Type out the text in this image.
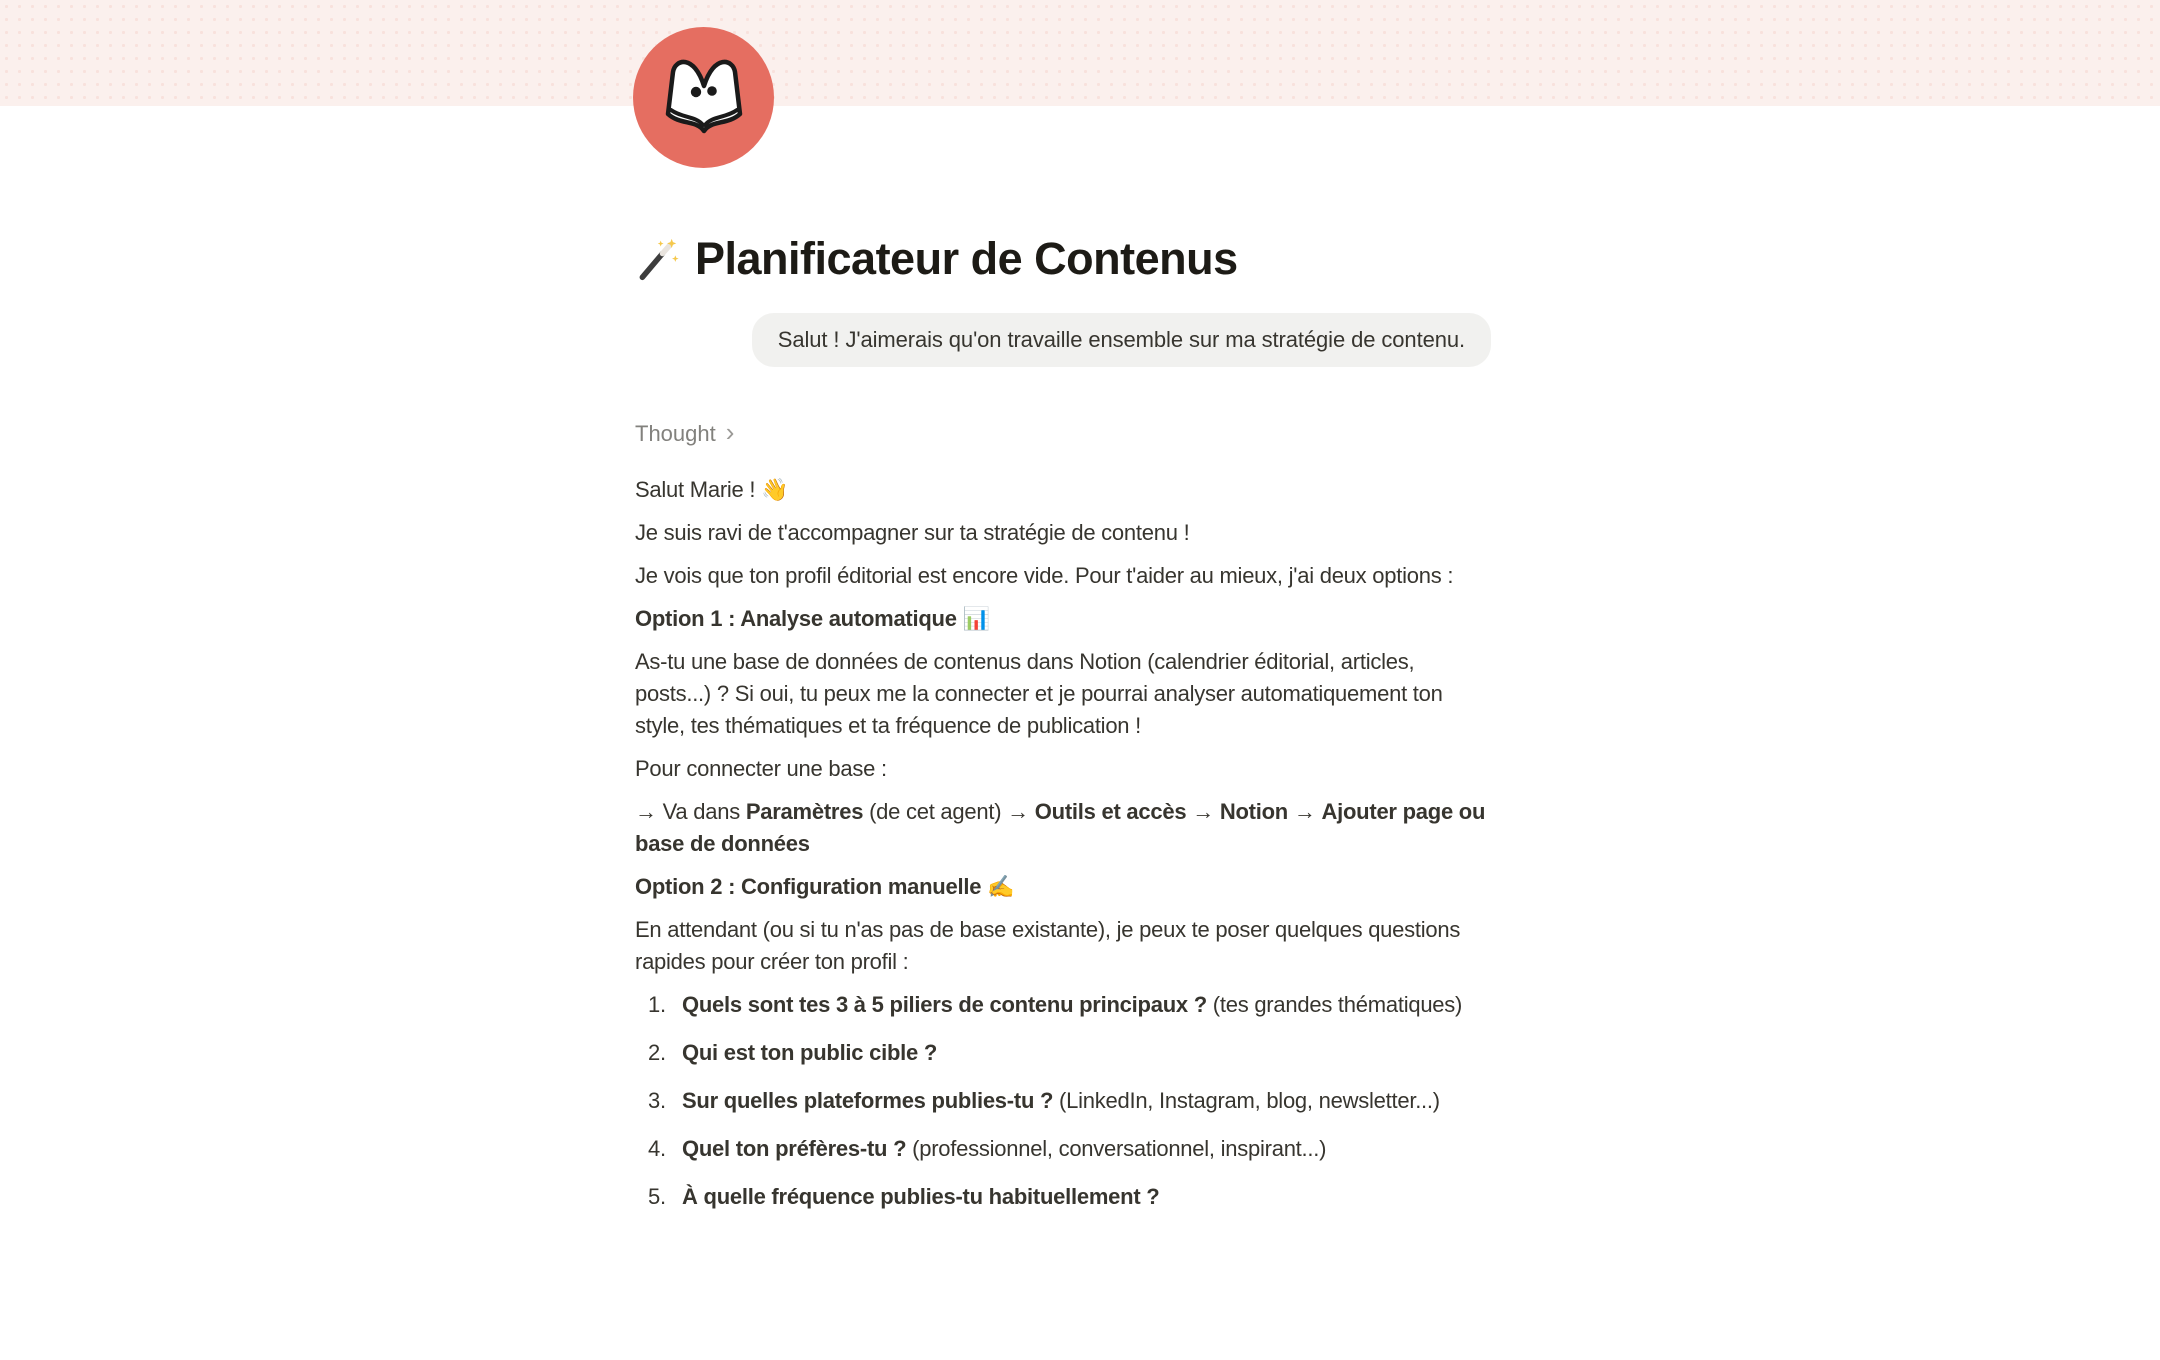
Planificateur de Contenus
Salut ! J'aimerais qu'on travaille ensemble sur ma stratégie de contenu.
Thought ›
Salut Marie ! 👋
Je suis ravi de t'accompagner sur ta stratégie de contenu !
Je vois que ton profil éditorial est encore vide. Pour t'aider au mieux, j'ai deux options :
Option 1 : Analyse automatique 📊
As-tu une base de données de contenus dans Notion (calendrier éditorial, articles, posts...) ? Si oui, tu peux me la connecter et je pourrai analyser automatiquement ton style, tes thématiques et ta fréquence de publication !
Pour connecter une base :
→ Va dans Paramètres (de cet agent) → Outils et accès → Notion → Ajouter page ou base de données
Option 2 : Configuration manuelle ✍️
En attendant (ou si tu n'as pas de base existante), je peux te poser quelques questions rapides pour créer ton profil :
1. Quels sont tes 3 à 5 piliers de contenu principaux ? (tes grandes thématiques)
2. Qui est ton public cible ?
3. Sur quelles plateformes publies-tu ? (LinkedIn, Instagram, blog, newsletter...)
4. Quel ton préfères-tu ? (professionnel, conversationnel, inspirant...)
5. À quelle fréquence publies-tu habituellement ?
